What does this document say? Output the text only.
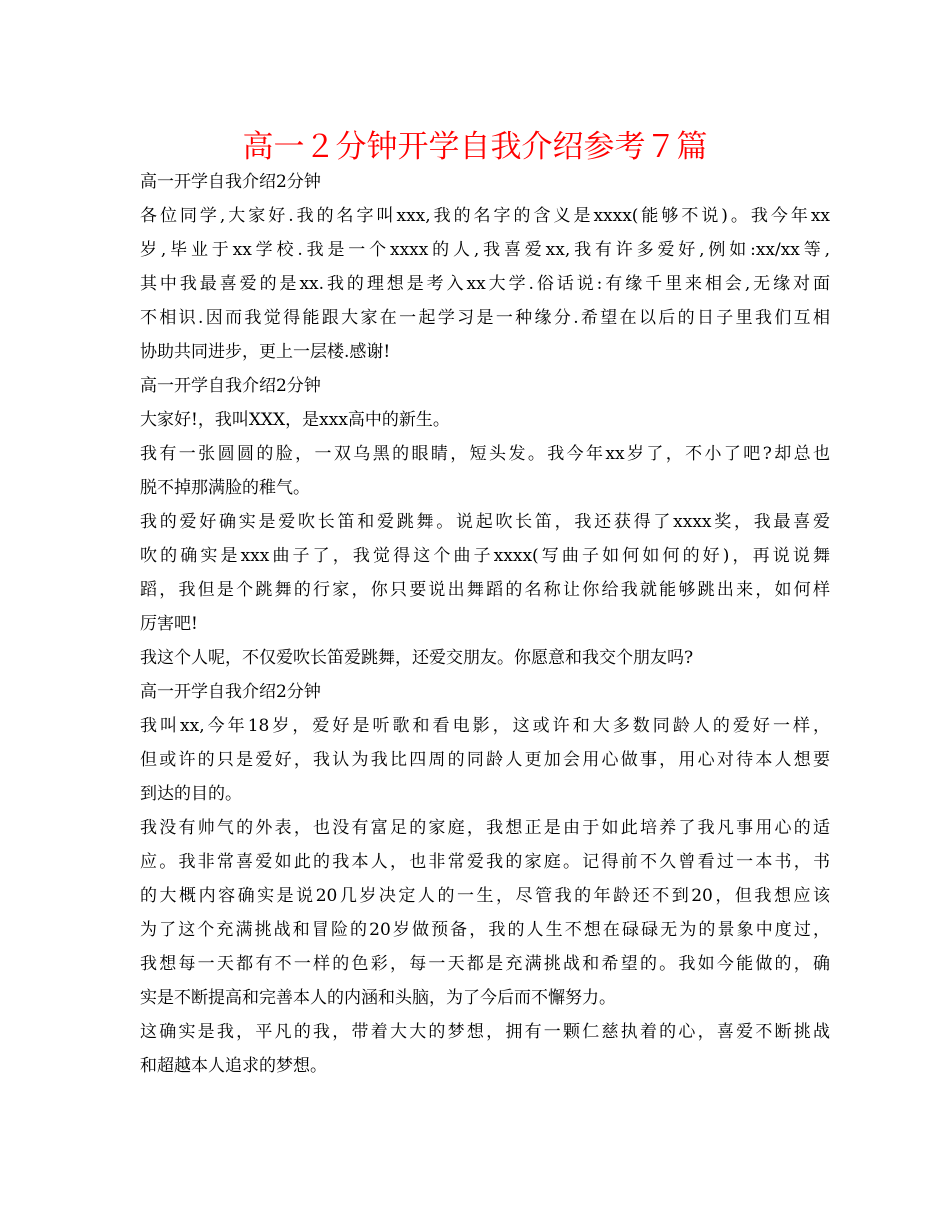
高一２分钟开学自我介绍参考７篇
高一开学自我介绍2分钟
各位同学,大家好.我的名字叫xxx,我的名字的含义是xxxx(能够不说)。我今年xx
岁,毕业于xx学校.我是一个xxxx的人,我喜爱xx,我有许多爱好,例如:xx/xx等,
其中我最喜爱的是xx.我的理想是考入xx大学.俗话说:有缘千里来相会,无缘对面
不相识.因而我觉得能跟大家在一起学习是一种缘分.希望在以后的日子里我们互相
协助共同进步，更上一层楼.感谢!
高一开学自我介绍2分钟
大家好!，我叫XXX，是xxx高中的新生。
我有一张圆圆的脸，一双乌黑的眼睛，短头发。我今年xx岁了，不小了吧?却总也
脱不掉那满脸的稚气。
我的爱好确实是爱吹长笛和爱跳舞。说起吹长笛，我还获得了xxxx奖，我最喜爱
吹的确实是xxx曲子了，我觉得这个曲子xxxx(写曲子如何如何的好)，再说说舞
蹈，我但是个跳舞的行家，你只要说出舞蹈的名称让你给我就能够跳出来，如何样
厉害吧!
我这个人呢，不仅爱吹长笛爱跳舞，还爱交朋友。你愿意和我交个朋友吗?
高一开学自我介绍2分钟
我叫xx,今年18岁，爱好是听歌和看电影，这或许和大多数同龄人的爱好一样，
但或许的只是爱好，我认为我比四周的同龄人更加会用心做事，用心对待本人想要
到达的目的。
我没有帅气的外表，也没有富足的家庭，我想正是由于如此培养了我凡事用心的适
应。我非常喜爱如此的我本人，也非常爱我的家庭。记得前不久曾看过一本书，书
的大概内容确实是说20几岁决定人的一生，尽管我的年龄还不到20，但我想应该
为了这个充满挑战和冒险的20岁做预备，我的人生不想在碌碌无为的景象中度过，
我想每一天都有不一样的色彩，每一天都是充满挑战和希望的。我如今能做的，确
实是不断提高和完善本人的内涵和头脑，为了今后而不懈努力。
这确实是我，平凡的我，带着大大的梦想，拥有一颗仁慈执着的心，喜爱不断挑战
和超越本人追求的梦想。
